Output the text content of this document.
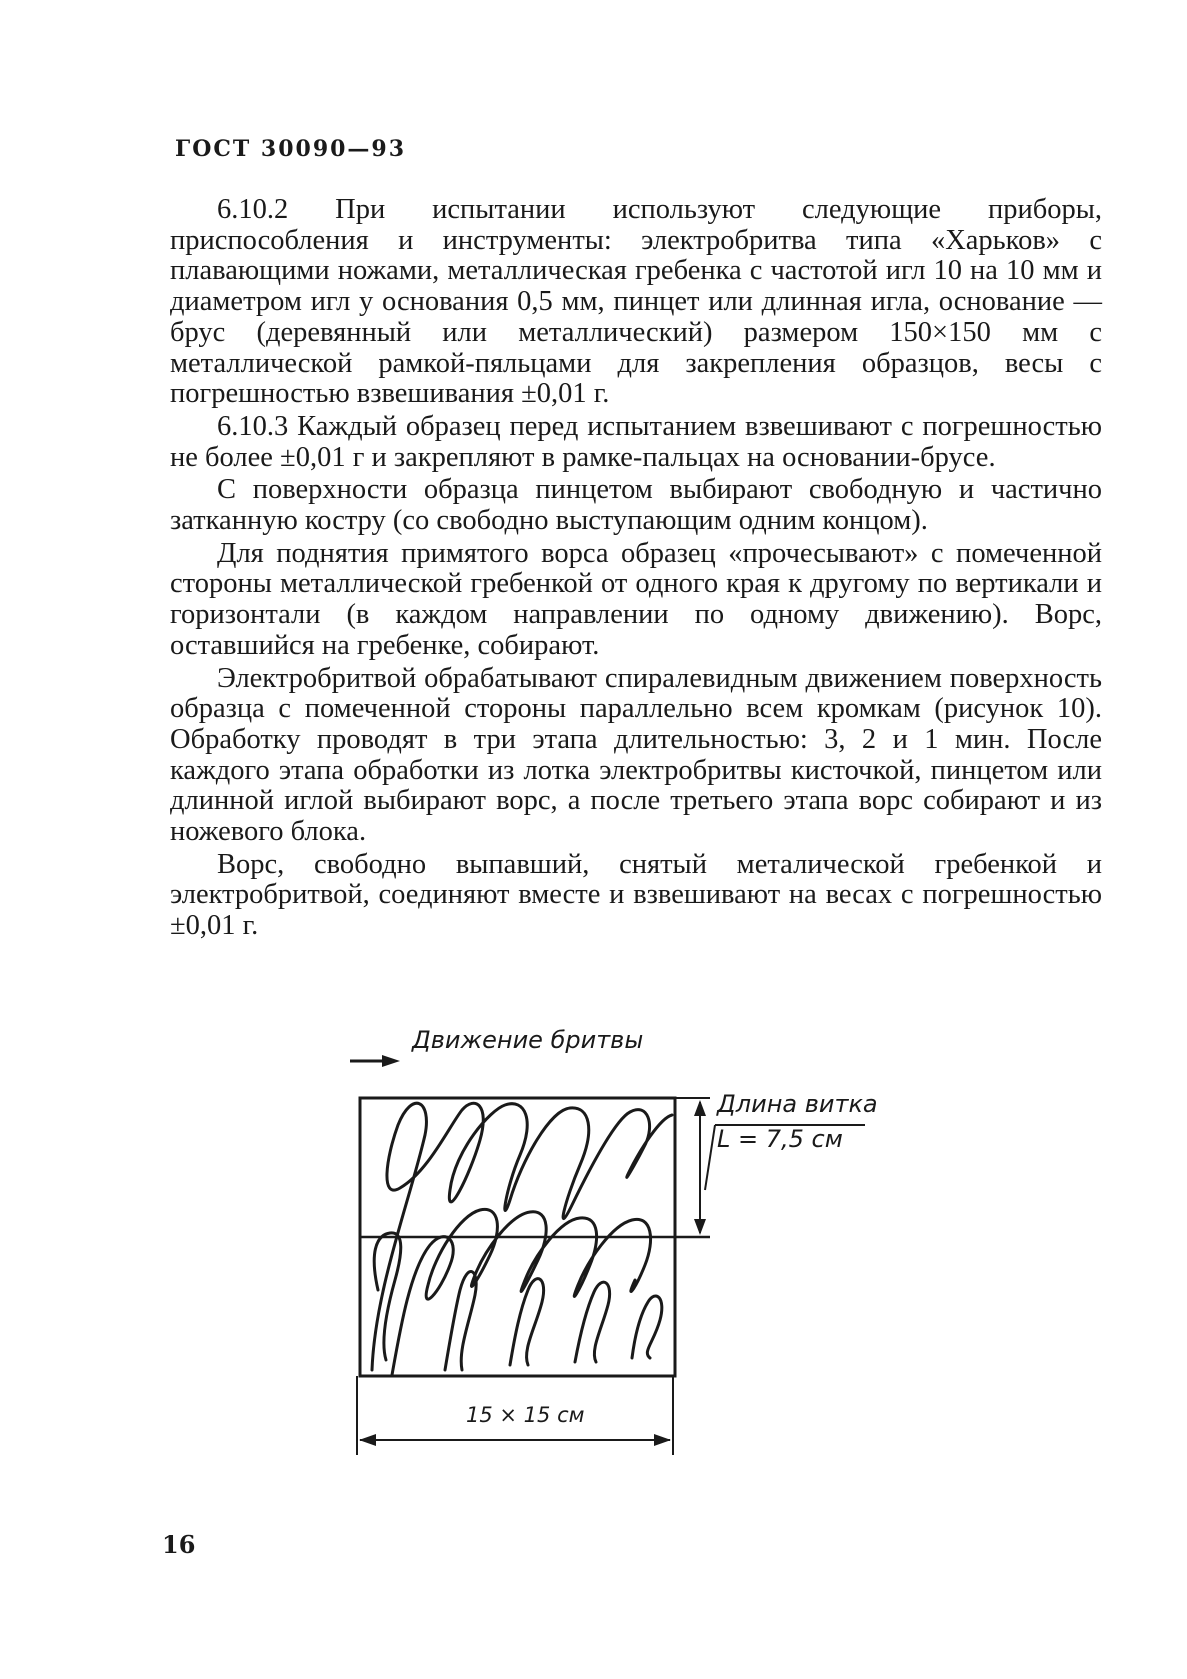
ГОСТ 30090—93

6.10.2 При испытании используют следующие приборы, приспособления и инструменты: электробритва типа «Харьков» с плавающими ножами, металлическая гребенка с частотой игл 10 на 10 мм и диаметром игл у основания 0,5 мм, пинцет или длинная игла, основание — брус (деревянный или металлический) размером 150×150 мм с металлической рамкой-пяльцами для закрепления образцов, весы с погрешностью взвешивания ±0,01 г.

6.10.3 Каждый образец перед испытанием взвешивают с погрешностью не более ±0,01 г и закрепляют в рамке-пальцах на основании-брусе.

С поверхности образца пинцетом выбирают свободную и частично затканную костру (со свободно выступающим одним концом).

Для поднятия примятого ворса образец «прочесывают» с помеченной стороны металлической гребенкой от одного края к другому по вертикали и горизонтали (в каждом направлении по одному движению). Ворс, оставшийся на гребенке, собирают.

Электробритвой обрабатывают спиралевидным движением поверхность образца с помеченной стороны параллельно всем кромкам (рисунок 10). Обработку проводят в три этапа длительностью: 3, 2 и 1 мин. После каждого этапа обработки из лотка электробритвы кисточкой, пинцетом или длинной иглой выбирают ворс, а после третьего этапа ворс собирают и из ножевого блока.

Ворс, свободно выпавший, снятый металической гребенкой и электробритвой, соединяют вместе и взвешивают на весах с погрешностью ±0,01 г.

Движение бритвы
Длина витка
L = 7,5 см
15 × 15 см
16
